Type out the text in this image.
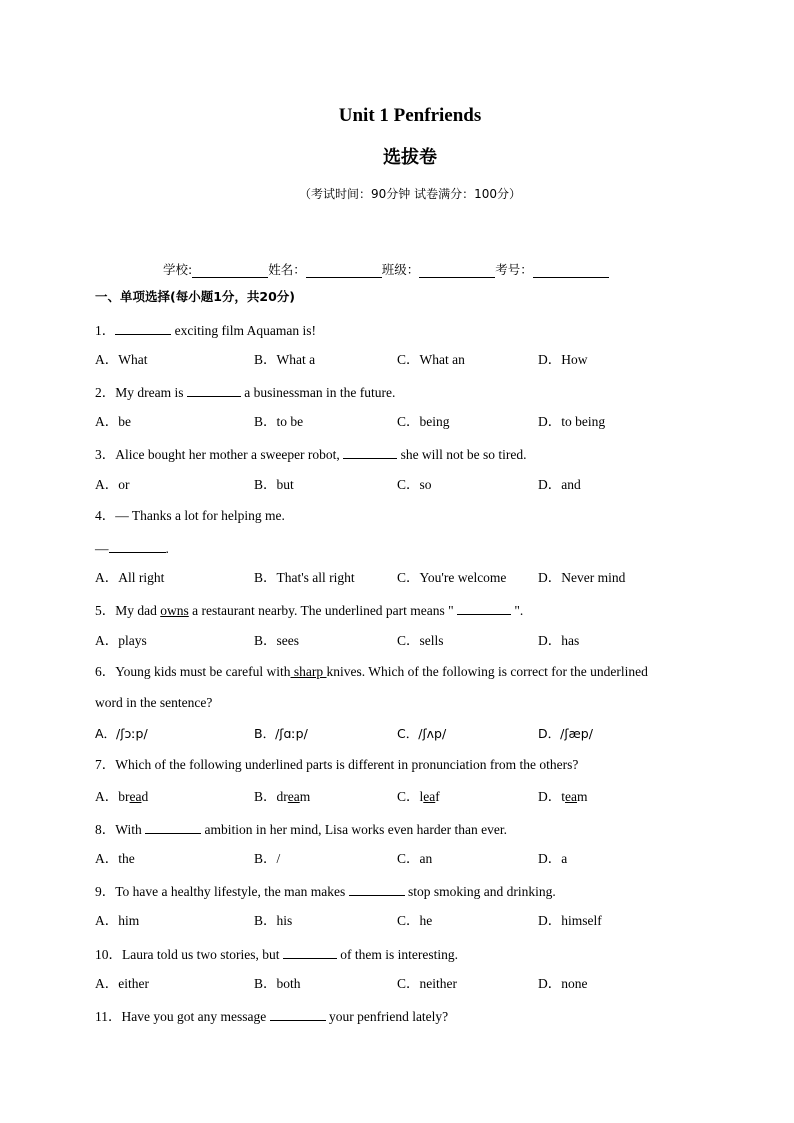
Unit 1 Penfriends
选拔卷
（考试时间：90分钟 试卷满分：100分）
学校:	姓名：	班级：	考号：
一、单项选择(每小题1分，共20分)
1．	exciting film Aquaman is!
A．What	B．What a	C．What an	D．How
2．My dream is	a businessman in the future.
A．be	B．to be	C．being	D．to being
3．Alice bought her mother a sweeper robot,	she will not be so tired.
A．or	B．but	C．so	D．and
4．— Thanks a lot for helping me.
—	.
A．All right	B．That's all right	C．You're welcome D．Never mind
5．My dad owns a restaurant nearby. The underlined part means "	".
A．plays	B．sees	C．sells	D．has
6．Young kids must be careful with sharp knives. Which of the following is correct for the underlined
word in the sentence?
A．/ʃɔːp/	B．/ʃɑːp/	C．/ʃʌp/	D．/ʃæp/
7．Which of the following underlined parts is different in pronunciation from the others?
A．bread	B．dream	C．leaf	D．team
8．With	ambition in her mind, Lisa works even harder than ever.
A．the	B．/	C．an	D．a
9．To have a healthy lifestyle, the man makes	stop smoking and drinking.
A．him	B．his	C．he	D．himself
10．Laura told us two stories, but	of them is interesting.
A．either	B．both	C．neither	D．none
11．Have you got any message	your penfriend lately?
